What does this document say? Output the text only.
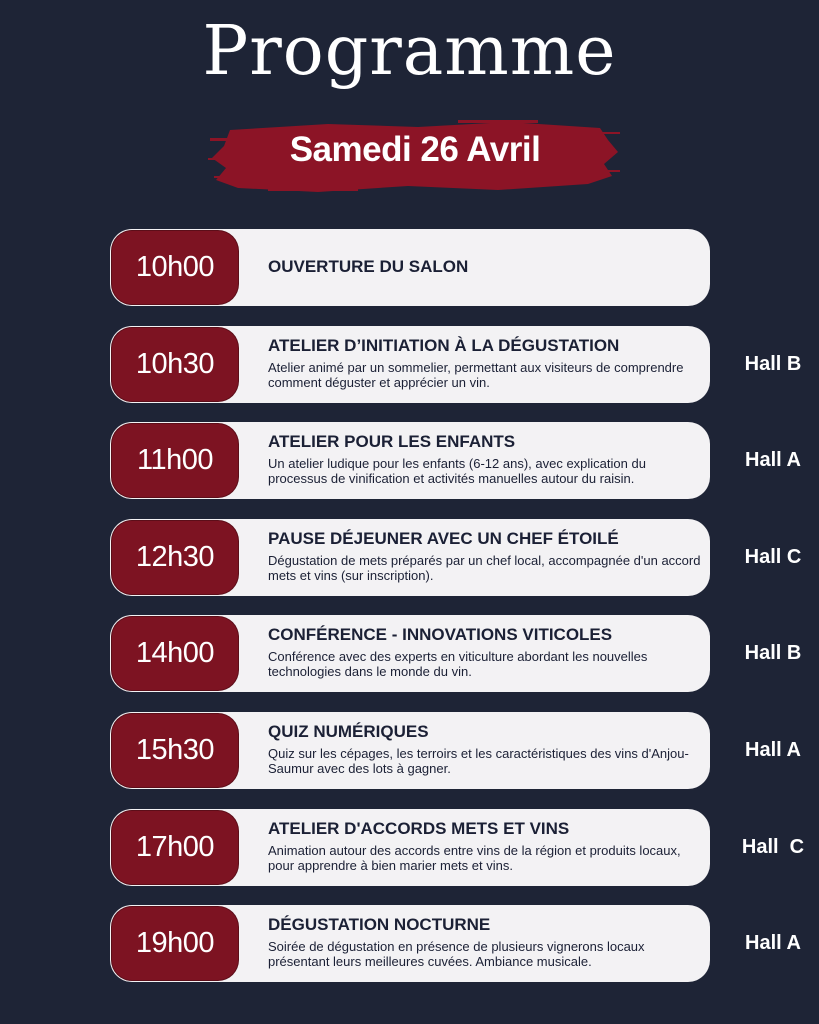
Programme
Samedi 26 Avril
10h00	OUVERTURE DU SALON
10h30
ATELIER D’INITIATION À LA DÉGUSTATION
Atelier animé par un sommelier, permettant aux visiteurs de comprendre comment déguster et apprécier un vin.
Hall B
11h00
ATELIER POUR LES ENFANTS
Un atelier ludique pour les enfants (6-12 ans), avec explication du processus de vinification et activités manuelles autour du raisin.
Hall A
12h30
PAUSE DÉJEUNER AVEC UN CHEF ÉTOILÉ
Dégustation de mets préparés par un chef local, accompagnée d'un accord mets et vins (sur inscription).
Hall C
14h00
CONFÉRENCE - INNOVATIONS VITICOLES
Conférence avec des experts en viticulture abordant les nouvelles technologies dans le monde du vin.
Hall B
15h30
QUIZ NUMÉRIQUES
Quiz sur les cépages, les terroirs et les caractéristiques des vins d'Anjou-Saumur avec des lots à gagner.
Hall A
17h00
ATELIER D'ACCORDS METS ET VINS
Animation autour des accords entre vins de la région et produits locaux, pour apprendre à bien marier mets et vins.
Hall  C
19h00
DÉGUSTATION NOCTURNE
Soirée de dégustation en présence de plusieurs vignerons locaux présentant leurs meilleures cuvées. Ambiance musicale.
Hall A
